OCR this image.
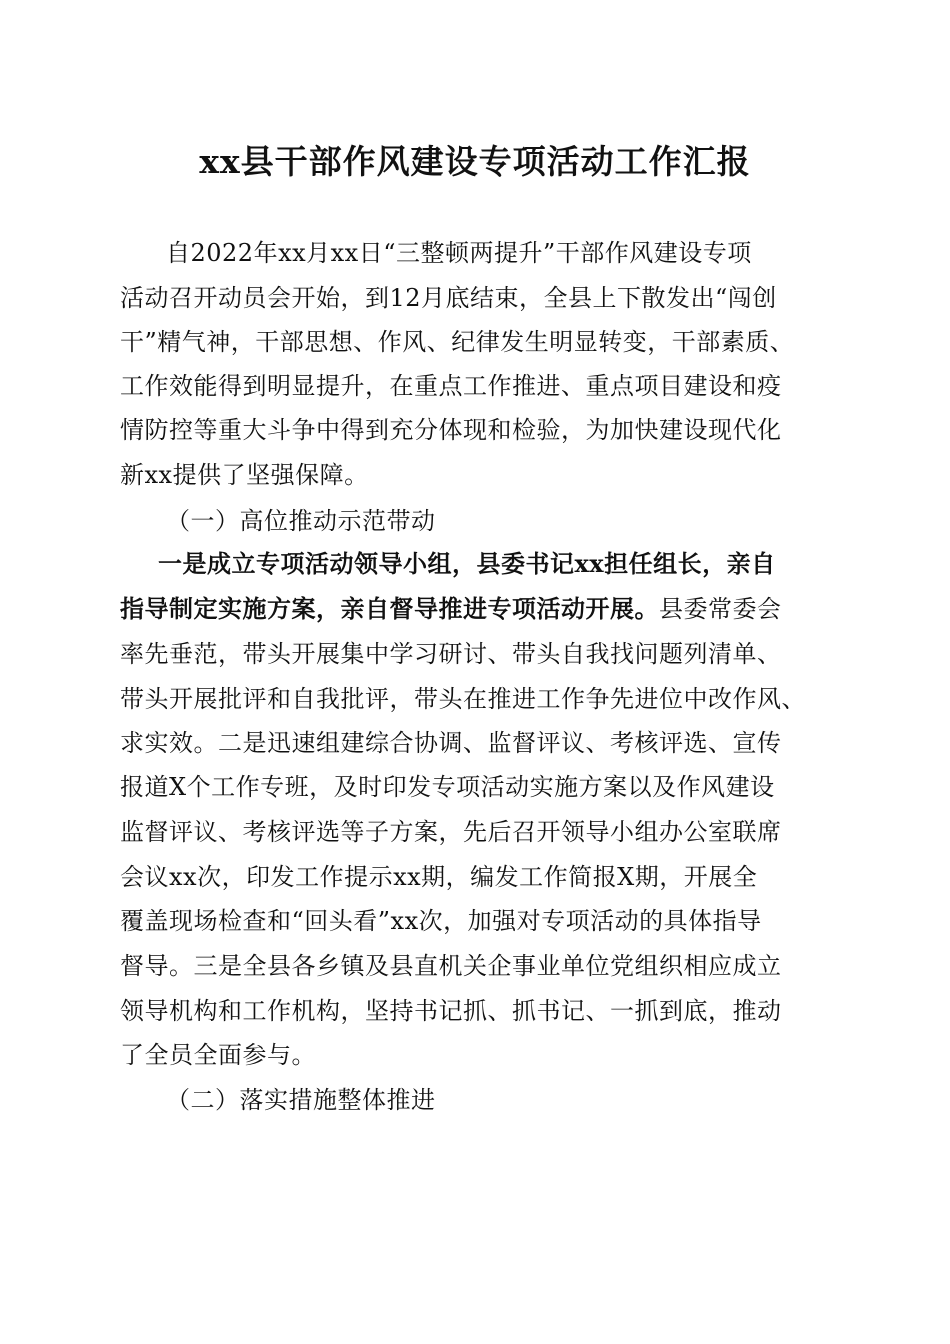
xx县干部作风建设专项活动工作汇报
自2022年xx月xx日“三整顿两提升”干部作风建设专项
活动召开动员会开始，到12月底结束，全县上下散发出“闯创
干”精气神，干部思想、作风、纪律发生明显转变，干部素质、
工作效能得到明显提升，在重点工作推进、重点项目建设和疫
情防控等重大斗争中得到充分体现和检验，为加快建设现代化
新xx提供了坚强保障。
（一）高位推动示范带动
一是成立专项活动领导小组，县委书记xx担任组长，亲自
指导制定实施方案，亲自督导推进专项活动开展。县委常委会
率先垂范，带头开展集中学习研讨、带头自我找问题列清单、
带头开展批评和自我批评，带头在推进工作争先进位中改作风、
求实效。二是迅速组建综合协调、监督评议、考核评选、宣传
报道X个工作专班，及时印发专项活动实施方案以及作风建设
监督评议、考核评选等子方案，先后召开领导小组办公室联席
会议xx次，印发工作提示xx期，编发工作简报X期，开展全
覆盖现场检查和“回头看”xx次，加强对专项活动的具体指导
督导。三是全县各乡镇及县直机关企事业单位党组织相应成立
领导机构和工作机构，坚持书记抓、抓书记、一抓到底，推动
了全员全面参与。
（二）落实措施整体推进
